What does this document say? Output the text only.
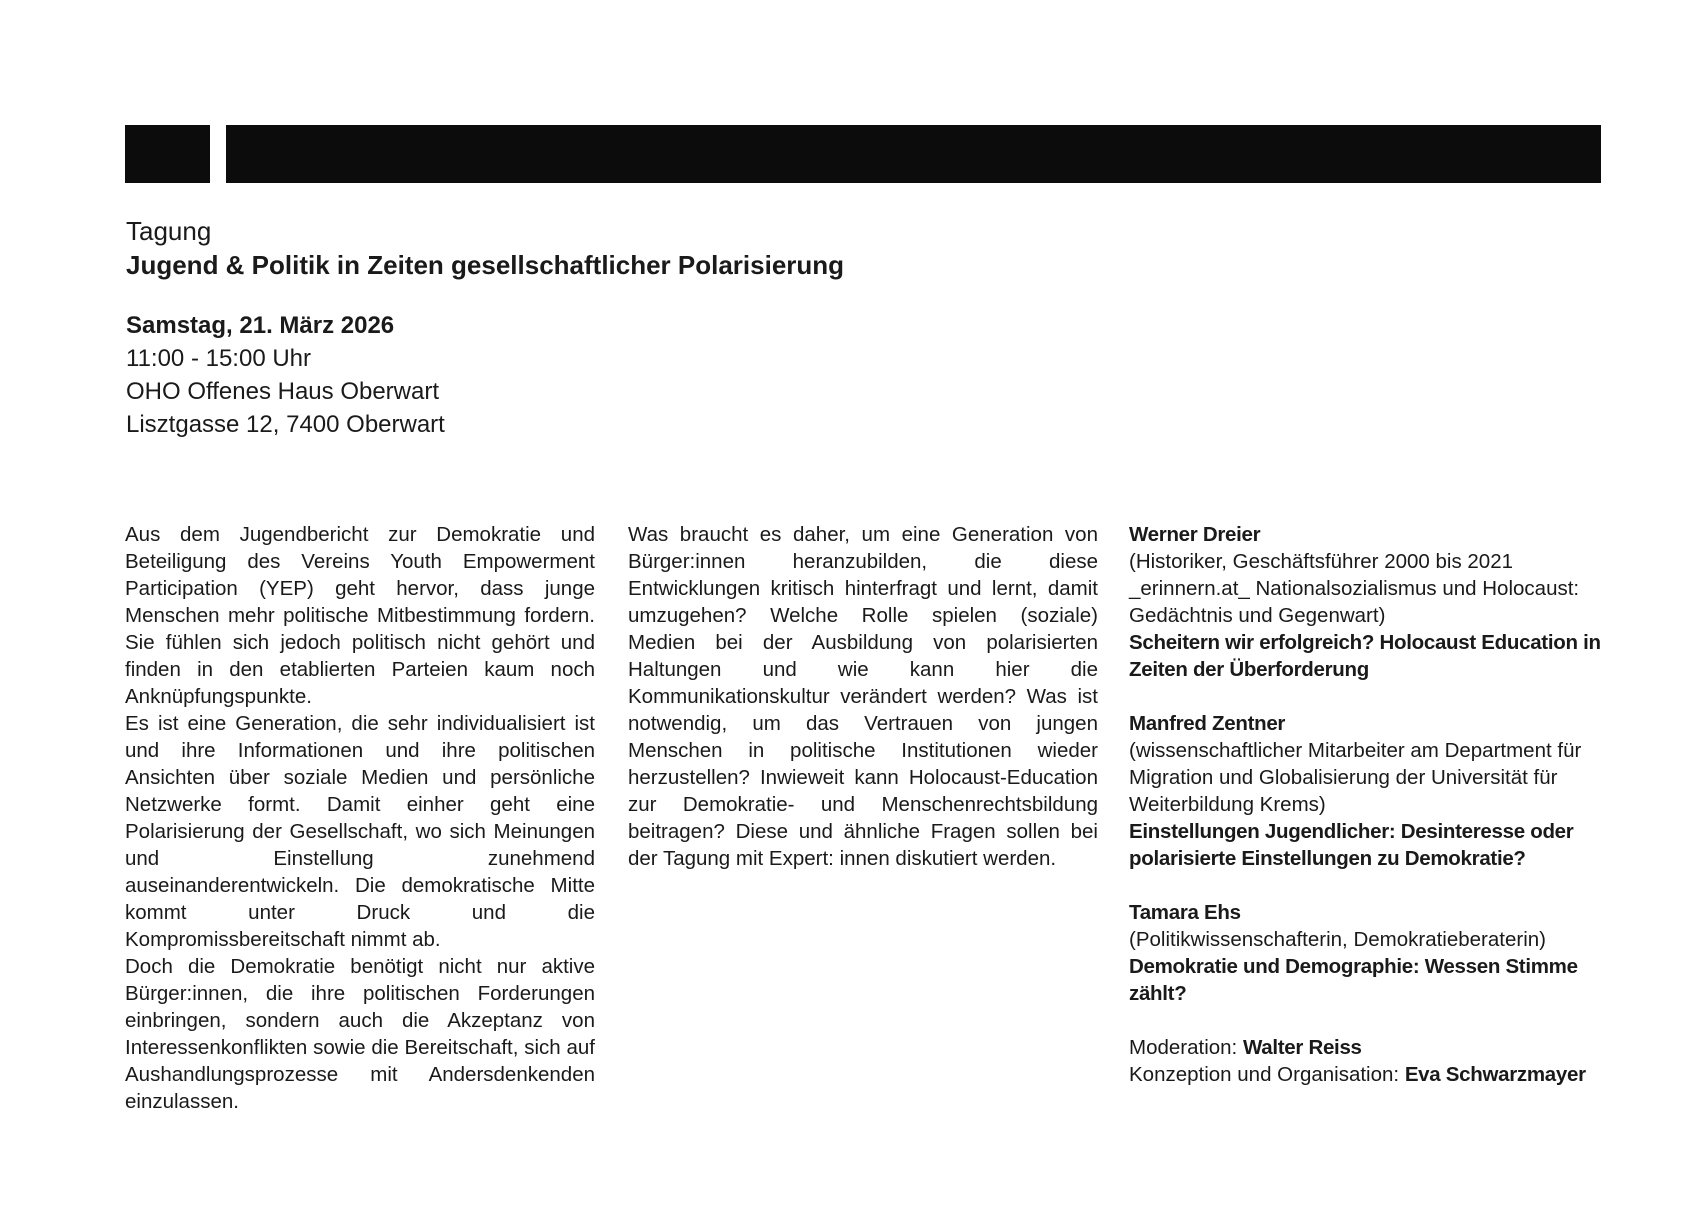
Tagung

Jugend & Politik in Zeiten gesellschaftlicher Polarisierung
Samstag, 21. März 2026
11:00 - 15:00 Uhr
OHO Offenes Haus Oberwart
Lisztgasse 12, 7400 Oberwart

Aus dem Jugendbericht zur Demokratie und Beteiligung des Vereins Youth Empowerment Participation (YEP) geht hervor, dass junge Menschen mehr politische Mitbestimmung fordern. Sie fühlen sich jedoch politisch nicht gehört und finden in den etablierten Parteien kaum noch Anknüpfungspunkte.

Es ist eine Generation, die sehr individualisiert ist und ihre Informationen und ihre politischen Ansichten über soziale Medien und persönliche Netzwerke formt. Damit einher geht eine Polarisierung der Gesellschaft, wo sich Meinungen und Einstellung zunehmend auseinanderentwickeln. Die demokratische Mitte kommt unter Druck und die Kompromissbereitschaft nimmt ab.

Doch die Demokratie benötigt nicht nur aktive Bürger:innen, die ihre politischen Forderungen einbringen, sondern auch die Akzeptanz von Interessenkonflikten sowie die Bereitschaft, sich auf Aushandlungsprozesse mit Andersdenkenden einzulassen.

Was braucht es daher, um eine Generation von Bürger:innen heranzubilden, die diese Entwicklungen kritisch hinterfragt und lernt, damit umzugehen? Welche Rolle spielen (soziale) Medien bei der Ausbildung von polarisierten Haltungen und wie kann hier die Kommunikationskultur verändert werden? Was ist notwendig, um das Vertrauen von jungen Menschen in politische Institutionen wieder herzustellen? Inwieweit kann Holocaust-Education zur Demokratie- und Menschenrechtsbildung beitragen? Diese und ähnliche Fragen sollen bei der Tagung mit Expert: innen diskutiert werden.

Werner Dreier
(Historiker, Geschäftsführer 2000 bis 2021 _erinnern.at_ Nationalsozialismus und Holocaust: Gedächtnis und Gegenwart)
Scheitern wir erfolgreich? Holocaust Education in Zeiten der Überforderung
Manfred Zentner
(wissenschaftlicher Mitarbeiter am Department für Migration und Globalisierung der Universität für Weiterbildung Krems)
Einstellungen Jugendlicher: Desinteresse oder polarisierte Einstellungen zu Demokratie?
Tamara Ehs
(Politikwissenschafterin, Demokratieberaterin)
Demokratie und Demographie: Wessen Stimme zählt?

Moderation: Walter Reiss

Konzeption und Organisation: Eva Schwarzmayer
